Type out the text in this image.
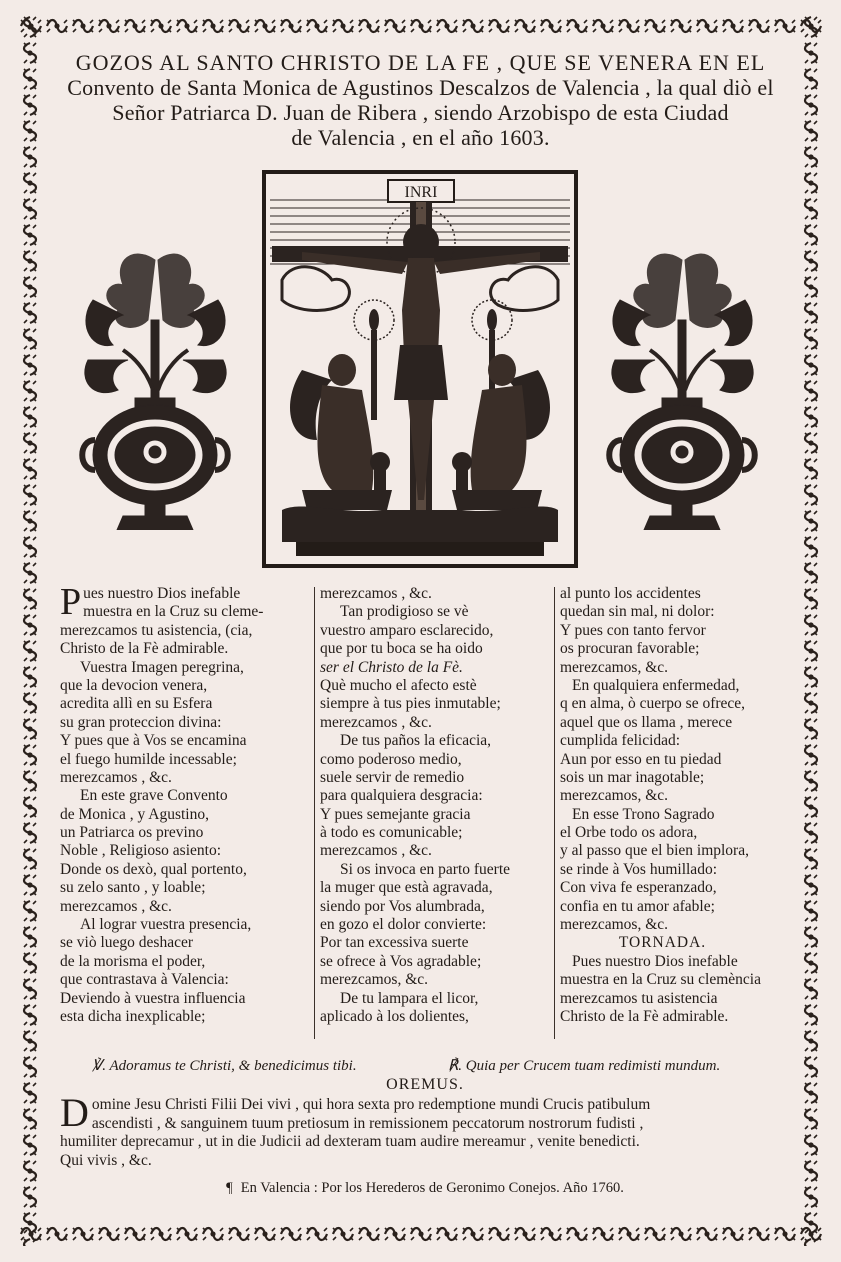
GOZOS AL SANTO CHRISTO DE LA FE , QUE SE VENERA EN EL
Convento de Santa Monica de Agustinos Descalzos de Valencia , la qual diò el
Señor Patriarca D. Juan de Ribera , siendo Arzobispo de esta Ciudad
de Valencia , en el año 1603.
INRI
P ues nuestro Dios inefable
muestra en la Cruz su cleme-
merezcamos tu asistencia, (cia,
Christo de la Fè admirable.
Vuestra Imagen peregrina,
que la devocion venera,
acredita allì en su Esfera
su gran proteccion divina:
Y pues que à Vos se encamina
el fuego humilde incessable;
merezcamos , &c.
En este grave Convento
de Monica , y Agustino,
un Patriarca os previno
Noble , Religioso asiento:
Donde os dexò, qual portento,
su zelo santo , y loable;
merezcamos , &c.
Al lograr vuestra presencia,
se viò luego deshacer
de la morisma el poder,
que contrastava à Valencia:
Deviendo à vuestra influencia
esta dicha inexplicable;
merezcamos , &c.
Tan prodigioso se vè
vuestro amparo esclarecido,
que por tu boca se ha oido
ser el Christo de la Fè.
Què mucho el afecto estè
siempre à tus pies inmutable;
merezcamos , &c.
De tus paños la eficacia,
como poderoso medio,
suele servir de remedio
para qualquiera desgracia:
Y pues semejante gracia
à todo es comunicable;
merezcamos , &c.
Si os invoca en parto fuerte
la muger que està agravada,
siendo por Vos alumbrada,
en gozo el dolor convierte:
Por tan excessiva suerte
se ofrece à Vos agradable;
merezcamos, &c.
De tu lampara el licor,
aplicado à los dolientes,
al punto los accidentes
quedan sin mal, ni dolor:
Y pues con tanto fervor
os procuran favorable;
merezcamos, &c.
En qualquiera enfermedad,
q en alma, ò cuerpo se ofrece,
aquel que os llama , merece
cumplida felicidad:
Aun por esso en tu piedad
sois un mar inagotable;
merezcamos, &c.
En esse Trono Sagrado
el Orbe todo os adora,
y al passo que el bien implora,
se rinde à Vos humillado:
Con viva fe esperanzado,
confia en tu amor afable;
merezcamos, &c.
TORNADA.
Pues nuestro Dios inefable
muestra en la Cruz su clemència
merezcamos tu asistencia
Christo de la Fè admirable.
℣. Adoramus te Christi, & benedicimus tibi.	℟. Quia per Crucem tuam redimisti mundum.
OREMUS.
D omine Jesu Christi Filii Dei vivi , qui hora sexta pro redemptione mundi Crucis patibulum
ascendisti , & sanguinem tuum pretiosum in remissionem peccatorum nostrorum fudisti ,
humiliter deprecamur , ut in die Judicii ad dexteram tuam audire mereamur , venite benedicti.
Qui vivis , &c.
¶ En Valencia : Por los Herederos de Geronimo Conejos. Año 1760.
